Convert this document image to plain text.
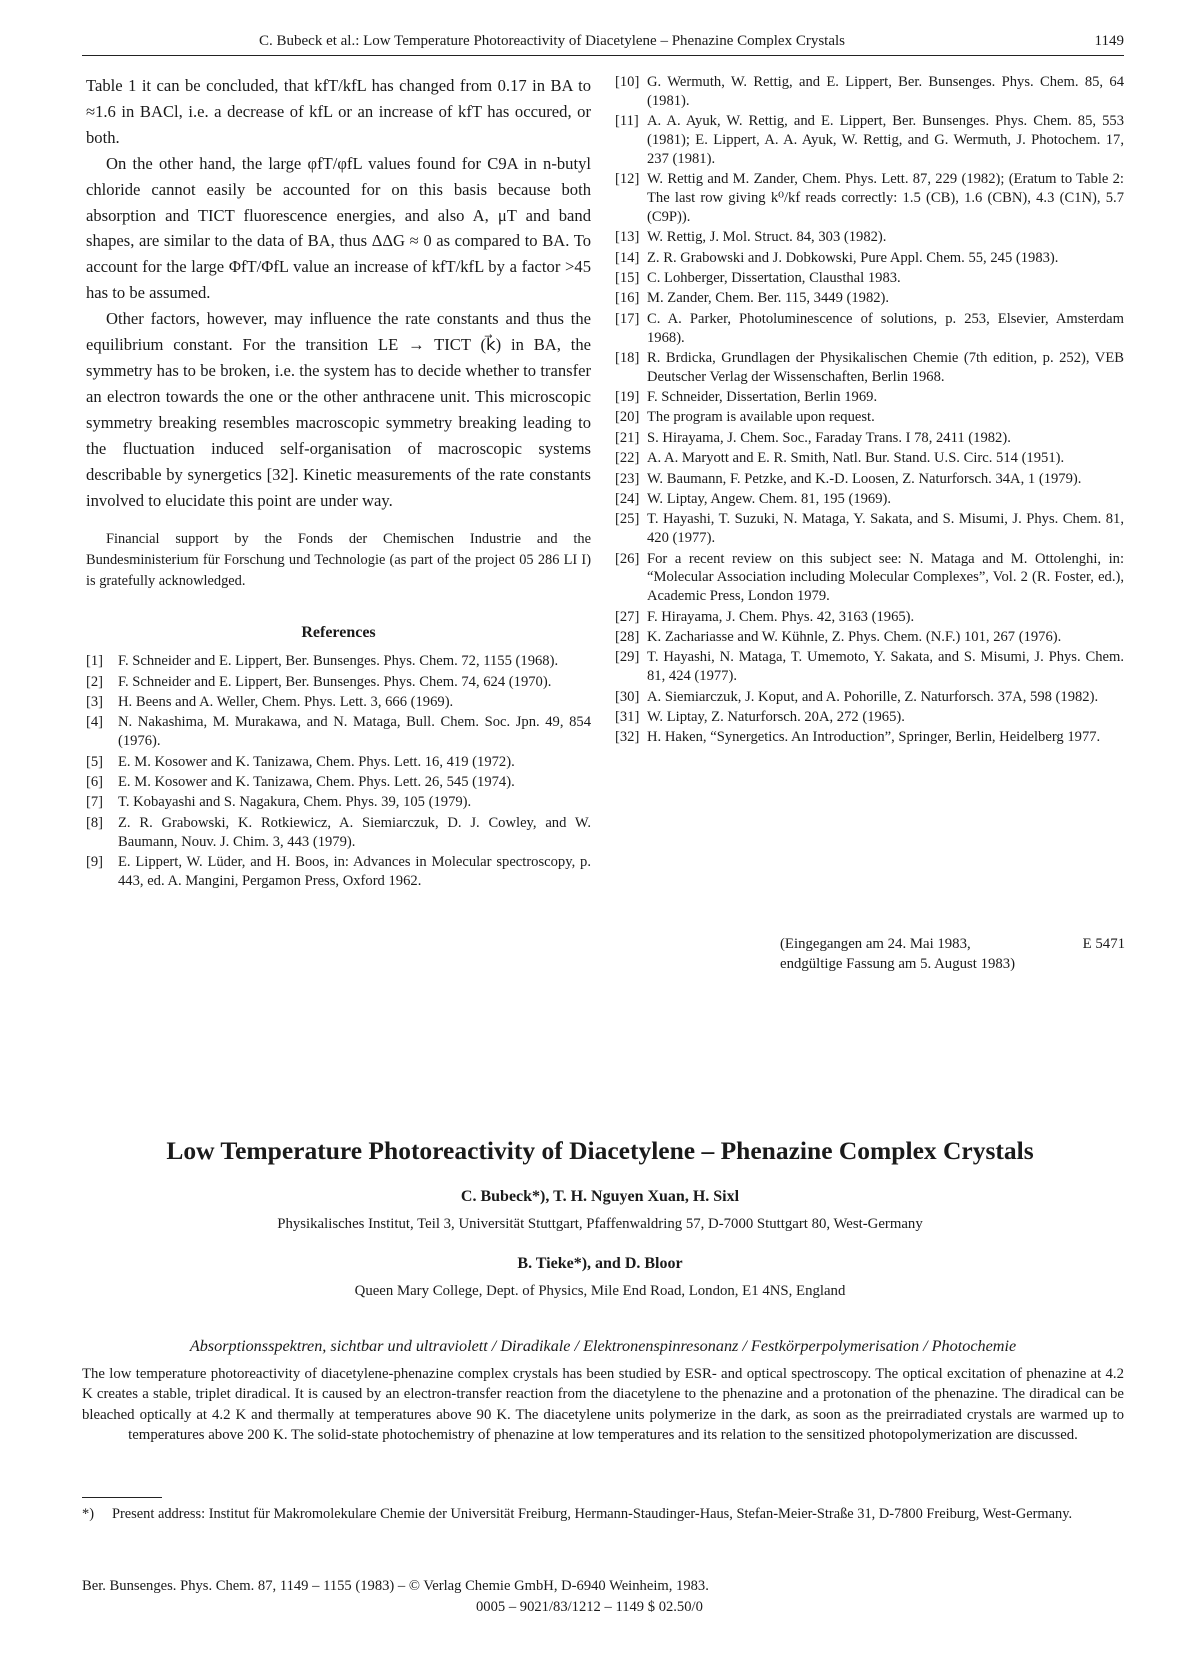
C. Bubeck et al.: Low Temperature Photoreactivity of Diacetylene – Phenazine Complex Crystals	1149

Table 1 it can be concluded, that kfT/kfL has changed from 0.17 in BA to ≈1.6 in BACl, i.e. a decrease of kfL or an increase of kfT has occured, or both.

On the other hand, the large φfT/φfL values found for C9A in n-butyl chloride cannot easily be accounted for on this basis because both absorption and TICT fluorescence energies, and also A, μT and band shapes, are similar to the data of BA, thus ΔΔG ≈ 0 as compared to BA. To account for the large ΦfT/ΦfL value an increase of kfT/kfL by a factor >45 has to be assumed.

Other factors, however, may influence the rate constants and thus the equilibrium constant. For the transition LE → TICT (k⃗) in BA, the symmetry has to be broken, i.e. the system has to decide whether to transfer an electron towards the one or the other anthracene unit. This microscopic symmetry breaking resembles macroscopic symmetry breaking leading to the fluctuation induced self-organisation of macroscopic systems describable by synergetics [32]. Kinetic measurements of the rate constants involved to elucidate this point are under way.

Financial support by the Fonds der Chemischen Industrie and the Bundesministerium für Forschung und Technologie (as part of the project 05 286 LI I) is gratefully acknowledged.

References
[1] F. Schneider and E. Lippert, Ber. Bunsenges. Phys. Chem. 72, 1155 (1968).
[2] F. Schneider and E. Lippert, Ber. Bunsenges. Phys. Chem. 74, 624 (1970).
[3] H. Beens and A. Weller, Chem. Phys. Lett. 3, 666 (1969).
[4] N. Nakashima, M. Murakawa, and N. Mataga, Bull. Chem. Soc. Jpn. 49, 854 (1976).
[5] E. M. Kosower and K. Tanizawa, Chem. Phys. Lett. 16, 419 (1972).
[6] E. M. Kosower and K. Tanizawa, Chem. Phys. Lett. 26, 545 (1974).
[7] T. Kobayashi and S. Nagakura, Chem. Phys. 39, 105 (1979).
[8] Z. R. Grabowski, K. Rotkiewicz, A. Siemiarczuk, D. J. Cowley, and W. Baumann, Nouv. J. Chim. 3, 443 (1979).
[9] E. Lippert, W. Lüder, and H. Boos, in: Advances in Molecular spectroscopy, p. 443, ed. A. Mangini, Pergamon Press, Oxford 1962.
[10] G. Wermuth, W. Rettig, and E. Lippert, Ber. Bunsenges. Phys. Chem. 85, 64 (1981).
[11] A. A. Ayuk, W. Rettig, and E. Lippert, Ber. Bunsenges. Phys. Chem. 85, 553 (1981); E. Lippert, A. A. Ayuk, W. Rettig, and G. Wermuth, J. Photochem. 17, 237 (1981).
[12] W. Rettig and M. Zander, Chem. Phys. Lett. 87, 229 (1982); (Eratum to Table 2: The last row giving k⁰/kf reads correctly: 1.5 (CB), 1.6 (CBN), 4.3 (C1N), 5.7 (C9P)).
[13] W. Rettig, J. Mol. Struct. 84, 303 (1982).
[14] Z. R. Grabowski and J. Dobkowski, Pure Appl. Chem. 55, 245 (1983).
[15] C. Lohberger, Dissertation, Clausthal 1983.
[16] M. Zander, Chem. Ber. 115, 3449 (1982).
[17] C. A. Parker, Photoluminescence of solutions, p. 253, Elsevier, Amsterdam 1968).
[18] R. Brdicka, Grundlagen der Physikalischen Chemie (7th edition, p. 252), VEB Deutscher Verlag der Wissenschaften, Berlin 1968.
[19] F. Schneider, Dissertation, Berlin 1969.
[20] The program is available upon request.
[21] S. Hirayama, J. Chem. Soc., Faraday Trans. I 78, 2411 (1982).
[22] A. A. Maryott and E. R. Smith, Natl. Bur. Stand. U.S. Circ. 514 (1951).
[23] W. Baumann, F. Petzke, and K.-D. Loosen, Z. Naturforsch. 34A, 1 (1979).
[24] W. Liptay, Angew. Chem. 81, 195 (1969).
[25] T. Hayashi, T. Suzuki, N. Mataga, Y. Sakata, and S. Misumi, J. Phys. Chem. 81, 420 (1977).
[26] For a recent review on this subject see: N. Mataga and M. Ottolenghi, in: “Molecular Association including Molecular Complexes”, Vol. 2 (R. Foster, ed.), Academic Press, London 1979.
[27] F. Hirayama, J. Chem. Phys. 42, 3163 (1965).
[28] K. Zachariasse and W. Kühnle, Z. Phys. Chem. (N.F.) 101, 267 (1976).
[29] T. Hayashi, N. Mataga, T. Umemoto, Y. Sakata, and S. Misumi, J. Phys. Chem. 81, 424 (1977).
[30] A. Siemiarczuk, J. Koput, and A. Pohorille, Z. Naturforsch. 37A, 598 (1982).
[31] W. Liptay, Z. Naturforsch. 20A, 272 (1965).
[32] H. Haken, “Synergetics. An Introduction”, Springer, Berlin, Heidelberg 1977.
(Eingegangen am 24. Mai 1983,
endgültige Fassung am 5. August 1983)
E 5471
Low Temperature Photoreactivity of Diacetylene – Phenazine Complex Crystals
C. Bubeck*), T. H. Nguyen Xuan, H. Sixl
Physikalisches Institut, Teil 3, Universität Stuttgart, Pfaffenwaldring 57, D-7000 Stuttgart 80, West-Germany
B. Tieke*), and D. Bloor
Queen Mary College, Dept. of Physics, Mile End Road, London, E1 4NS, England
Absorptionsspektren, sichtbar und ultraviolett / Diradikale / Elektronenspinresonanz / Festkörperpolymerisation / Photochemie

The low temperature photoreactivity of diacetylene-phenazine complex crystals has been studied by ESR- and optical spectroscopy. The optical excitation of phenazine at 4.2 K creates a stable, triplet diradical. It is caused by an electron-transfer reaction from the diacetylene to the phenazine and a protonation of the phenazine. The diradical can be bleached optically at 4.2 K and thermally at temperatures above 90 K. The diacetylene units polymerize in the dark, as soon as the preirradiated crystals are warmed up to temperatures above 200 K. The solid-state photochemistry of phenazine at low temperatures and its relation to the sensitized photopolymerization are discussed.

*) Present address: Institut für Makromolekulare Chemie der Universität Freiburg, Hermann-Staudinger-Haus, Stefan-Meier-Straße 31, D-7800 Freiburg, West-Germany.
Ber. Bunsenges. Phys. Chem. 87, 1149 – 1155 (1983) – © Verlag Chemie GmbH, D-6940 Weinheim, 1983.
0005 – 9021/83/1212 – 1149 $ 02.50/0
